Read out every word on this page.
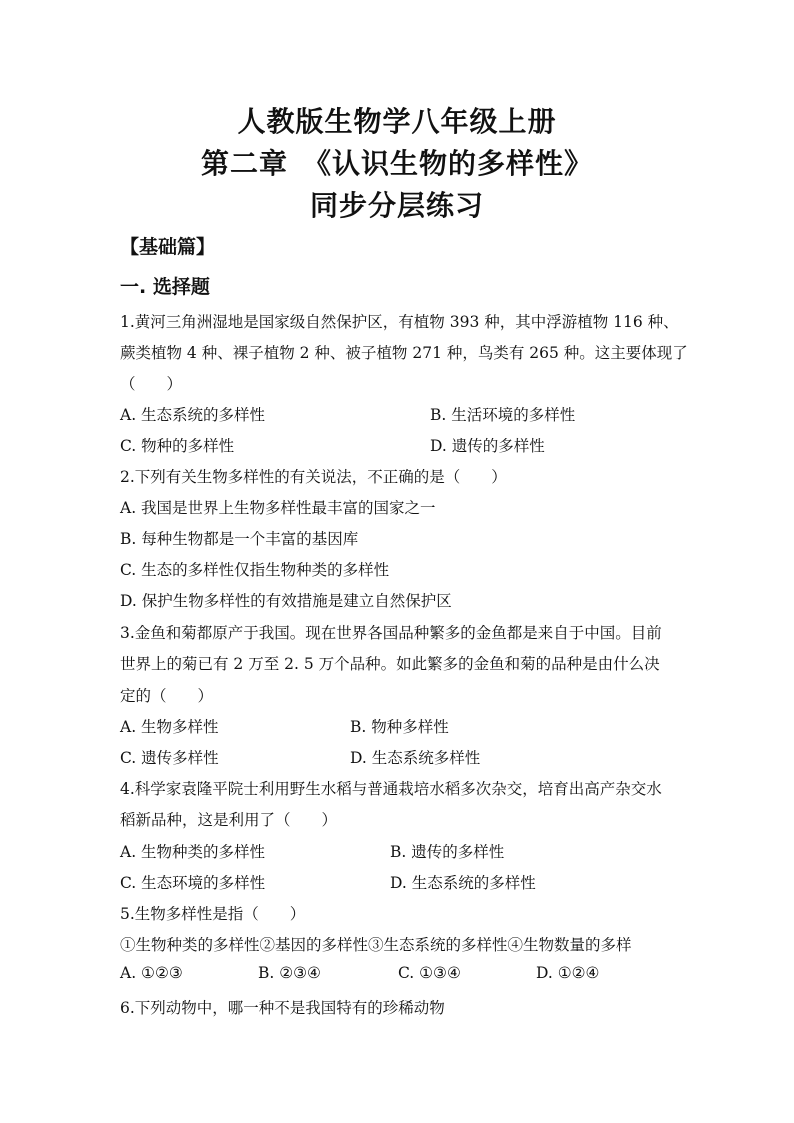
人教版生物学八年级上册
第二章　《认识生物的多样性》
同步分层练习
【基础篇】
一. 选择题
1.黄河三角洲湿地是国家级自然保护区，有植物 393 种，其中浮游植物 116 种、
蕨类植物 4 种、裸子植物 2 种、被子植物 271 种，鸟类有 265 种。这主要体现了
（　　）
A. 生态系统的多样性	B. 生活环境的多样性
C. 物种的多样性	D. 遗传的多样性
2.下列有关生物多样性的有关说法，不正确的是（　　）
A. 我国是世界上生物多样性最丰富的国家之一
B. 每种生物都是一个丰富的基因库
C. 生态的多样性仅指生物种类的多样性
D. 保护生物多样性的有效措施是建立自然保护区
3.金鱼和菊都原产于我国。现在世界各国品种繁多的金鱼都是来自于中国。目前
世界上的菊已有 2 万至 2. 5 万个品种。如此繁多的金鱼和菊的品种是由什么决
定的（　　）
A. 生物多样性	B. 物种多样性
C. 遗传多样性	D. 生态系统多样性
4.科学家袁隆平院士利用野生水稻与普通栽培水稻多次杂交，培育出高产杂交水
稻新品种，这是利用了（　　）
A. 生物种类的多样性	B. 遗传的多样性
C. 生态环境的多样性	D. 生态系统的多样性
5.生物多样性是指（　　）
①生物种类的多样性②基因的多样性③生态系统的多样性④生物数量的多样
A. ①②③	B. ②③④	C. ①③④	D. ①②④
6.下列动物中，哪一种不是我国特有的珍稀动物
